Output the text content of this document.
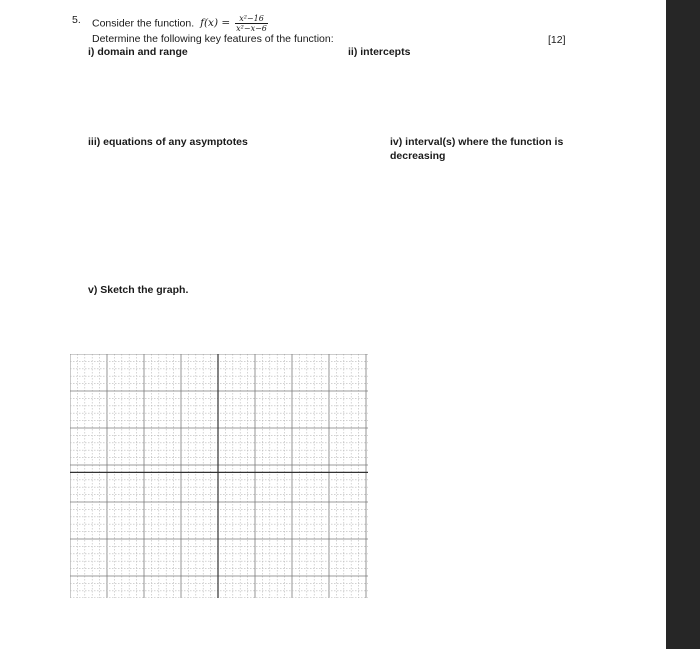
5. Consider the function. $f(x) = \frac{\text{x²−16}}{\text{x²−x−6}}$
Determine the following key features of the function:	[12]
i) domain and range	ii) intercepts
iii) equations of any asymptotes	iv) interval(s) where the function is
decreasing
v) Sketch the graph.
